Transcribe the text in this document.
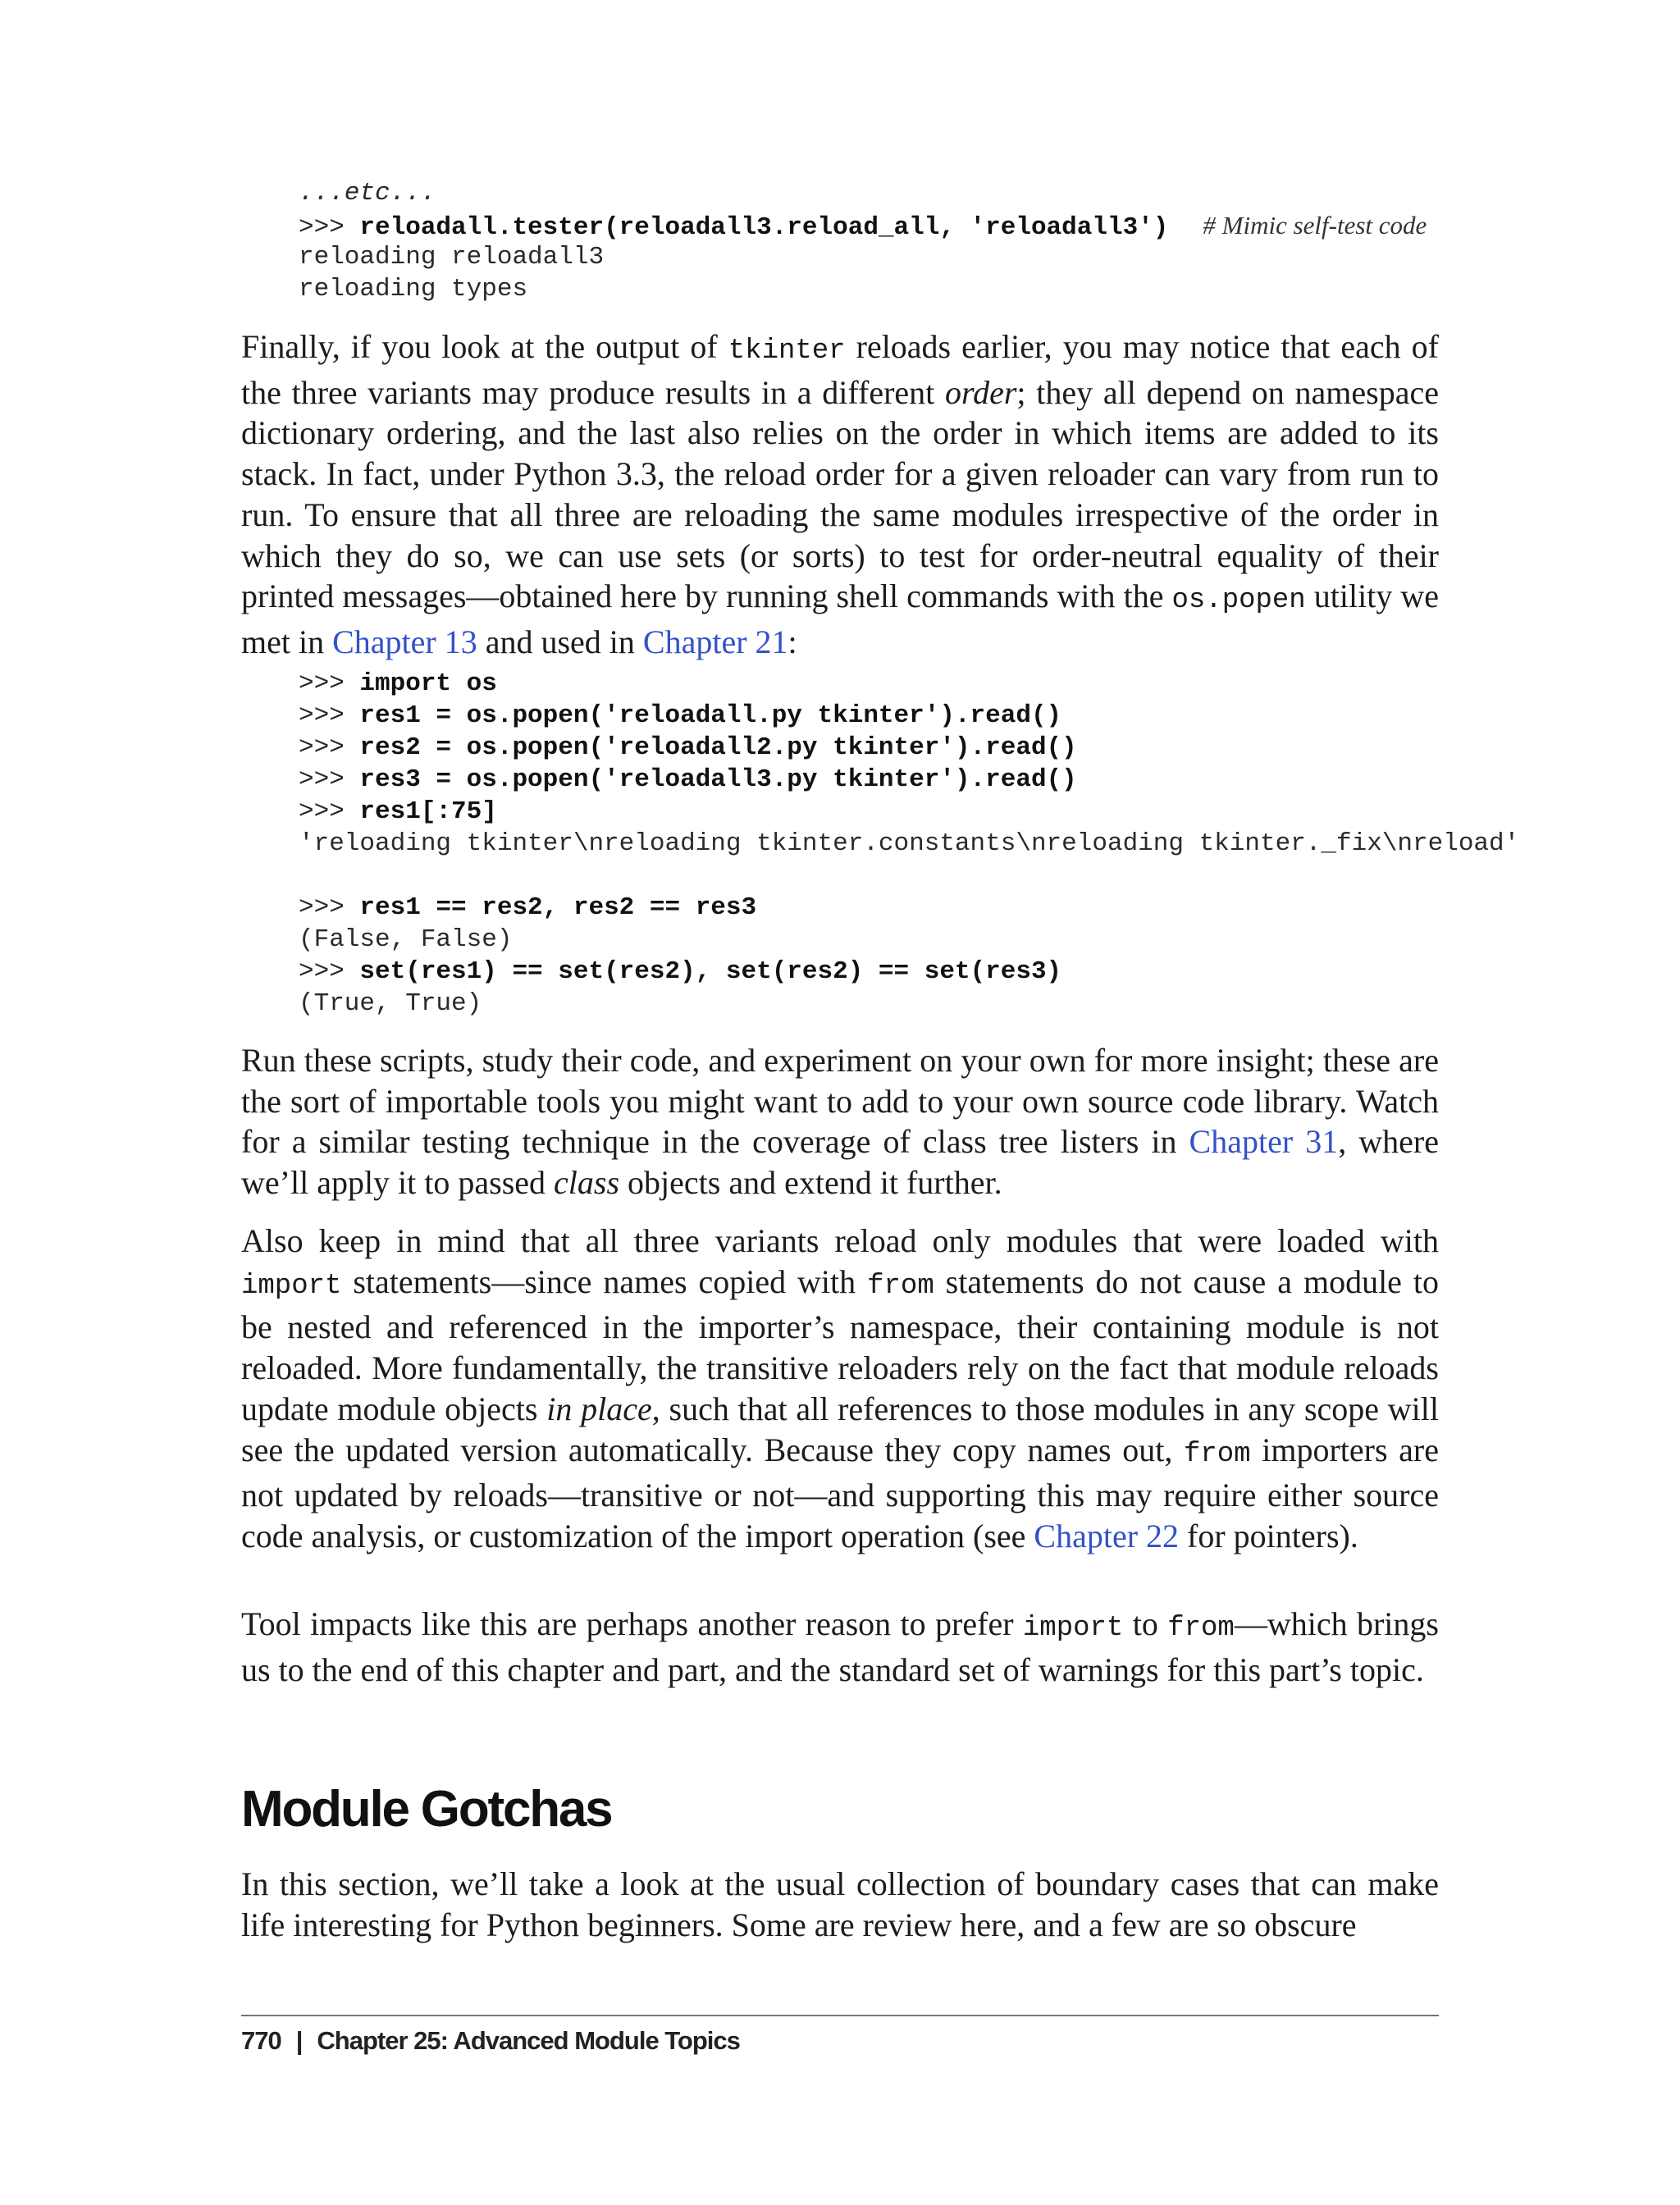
...etc...
>>> reloadall.tester(reloadall3.reload_all, 'reloadall3') # Mimic self-test code
reloading reloadall3
reloading types

Finally, if you look at the output of tkinter reloads earlier, you may notice that each of the three variants may produce results in a different order; they all depend on namespace dictionary ordering, and the last also relies on the order in which items are added to its stack. In fact, under Python 3.3, the reload order for a given reloader can vary from run to run. To ensure that all three are reloading the same modules irrespective of the order in which they do so, we can use sets (or sorts) to test for order-neutral equality of their printed messages—obtained here by running shell commands with the os.popen utility we met in Chapter 13 and used in Chapter 21:

>>> import os
>>> res1 = os.popen('reloadall.py tkinter').read()
>>> res2 = os.popen('reloadall2.py tkinter').read()
>>> res3 = os.popen('reloadall3.py tkinter').read()
>>> res1[:75]
'reloading tkinter\nreloading tkinter.constants\nreloading tkinter._fix\nreload'

>>> res1 == res2, res2 == res3
(False, False)
>>> set(res1) == set(res2), set(res2) == set(res3)
(True, True)

Run these scripts, study their code, and experiment on your own for more insight; these are the sort of importable tools you might want to add to your own source code library. Watch for a similar testing technique in the coverage of class tree listers in Chapter 31, where we’ll apply it to passed class objects and extend it further.

Also keep in mind that all three variants reload only modules that were loaded with import statements—since names copied with from statements do not cause a module to be nested and referenced in the importer’s namespace, their containing module is not reloaded. More fundamentally, the transitive reloaders rely on the fact that module reloads update module objects in place, such that all references to those modules in any scope will see the updated version automatically. Because they copy names out, from importers are not updated by reloads—transitive or not—and supporting this may require either source code analysis, or customization of the import operation (see Chapter 22 for pointers).

Tool impacts like this are perhaps another reason to prefer import to from—which brings us to the end of this chapter and part, and the standard set of warnings for this part’s topic.

Module Gotchas

In this section, we’ll take a look at the usual collection of boundary cases that can make life interesting for Python beginners. Some are review here, and a few are so obscure

770 | Chapter 25: Advanced Module Topics
